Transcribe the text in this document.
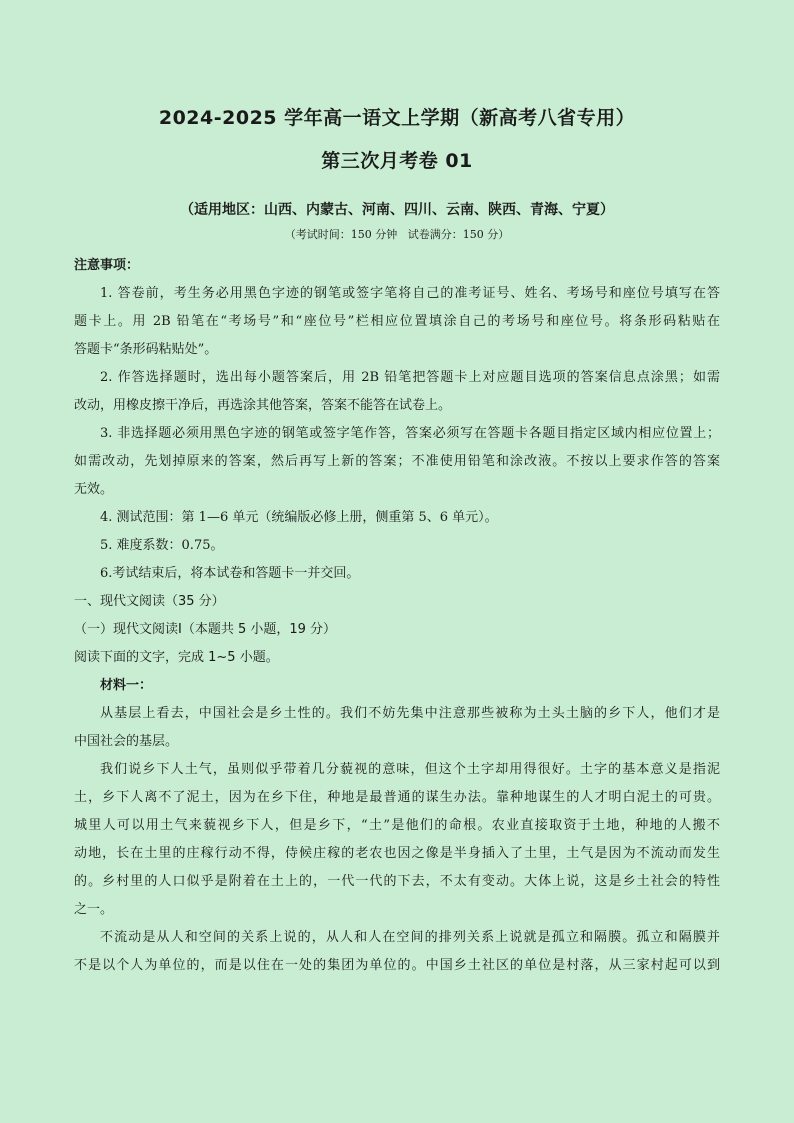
2024-2025 学年高一语文上学期（新高考八省专用）
第三次月考卷 01
（适用地区：山西、内蒙古、河南、四川、云南、陕西、青海、宁夏）
（考试时间：150 分钟   试卷满分：150 分）
注意事项：
1. 答卷前，考生务必用黑色字迹的钢笔或签字笔将自己的准考证号、姓名、考场号和座位号填写在答
题卡上。用 2B 铅笔在“考场号”和“座位号”栏相应位置填涂自己的考场号和座位号。将条形码粘贴在
答题卡“条形码粘贴处”。
2. 作答选择题时，选出每小题答案后，用 2B 铅笔把答题卡上对应题目选项的答案信息点涂黑；如需
改动，用橡皮擦干净后，再选涂其他答案，答案不能答在试卷上。
3. 非选择题必须用黑色字迹的钢笔或签字笔作答，答案必须写在答题卡各题目指定区域内相应位置上；
如需改动，先划掉原来的答案，然后再写上新的答案；不准使用铅笔和涂改液。不按以上要求作答的答案
无效。
4. 测试范围：第 1—6 单元（统编版必修上册，侧重第 5、6 单元）。
5. 难度系数：0.75。
6.考试结束后，将本试卷和答题卡一并交回。
一、现代文阅读（35 分）
（一）现代文阅读Ⅰ（本题共 5 小题，19 分）
阅读下面的文字，完成 1~5 小题。
材料一：
从基层上看去，中国社会是乡土性的。我们不妨先集中注意那些被称为土头土脑的乡下人，他们才是
中国社会的基层。
我们说乡下人土气，虽则似乎带着几分藐视的意味，但这个土字却用得很好。土字的基本意义是指泥
土，乡下人离不了泥土，因为在乡下住，种地是最普通的谋生办法。靠种地谋生的人才明白泥土的可贵。
城里人可以用土气来藐视乡下人，但是乡下，“土”是他们的命根。农业直接取资于土地，种地的人搬不
动地，长在土里的庄稼行动不得，侍候庄稼的老农也因之像是半身插入了土里，土气是因为不流动而发生
的。乡村里的人口似乎是附着在土上的，一代一代的下去，不太有变动。大体上说，这是乡土社会的特性
之一。
不流动是从人和空间的关系上说的，从人和人在空间的排列关系上说就是孤立和隔膜。孤立和隔膜并
不是以个人为单位的，而是以住在一处的集团为单位的。中国乡土社区的单位是村落，从三家村起可以到
